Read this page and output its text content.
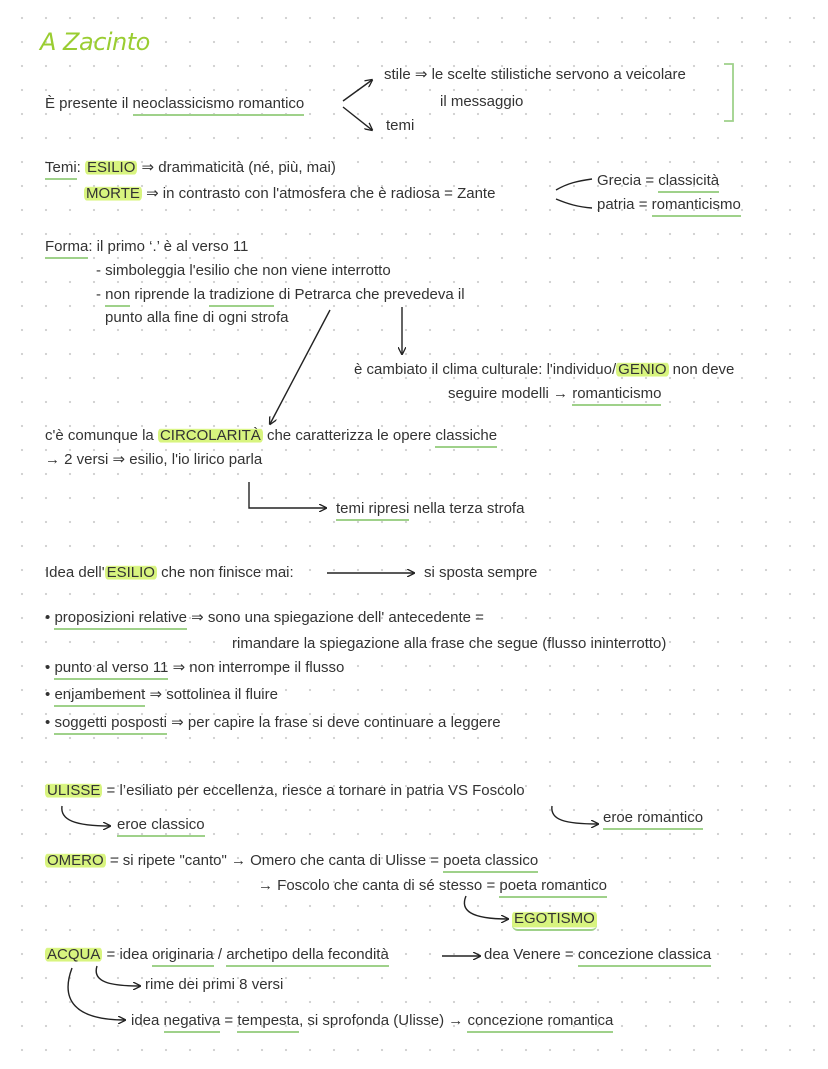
A Zacinto
È presente il neoclassicismo romantico
stile ⇒ le scelte stilistiche servono a veicolare
il messaggio
temi
Temi: ESILIO ⇒ drammaticità (né, più, mai)
MORTE ⇒ in contrasto con l'atmosfera che è radiosa = Zante
Grecia = classicità
patria = romanticismo
Forma: il primo ‘.’ è al verso 11
- simboleggia l'esilio che non viene interrotto
- non riprende la tradizione di Petrarca che prevedeva il
punto alla fine di ogni strofa
è cambiato il clima culturale: l'individuo/ GENIO non deve
seguire modelli → romanticismo
c'è comunque la CIRCOLARITÀ che caratterizza le opere classiche
→ 2 versi ⇒ esilio, l'io lirico parla
temi ripresi nella terza strofa
Idea dell' ESILIO che non finisce mai:	si sposta sempre
• proposizioni relative ⇒ sono una spiegazione dell' antecedente =
rimandare la spiegazione alla frase che segue (flusso ininterrotto)
• punto al verso 11 ⇒ non interrompe il flusso
• enjambement ⇒ sottolinea il fluire
• soggetti posposti ⇒ per capire la frase si deve continuare a leggere
ULISSE = l’esiliato per eccellenza, riesce a tornare in patria VS Foscolo
eroe classico	eroe romantico
OMERO = si ripete "canto" → Omero che canta di Ulisse = poeta classico
→ Foscolo che canta di sé stesso = poeta romantico
EGOTISMO
ACQUA = idea originaria / archetipo della fecondità	dea Venere = concezione classica
rime dei primi 8 versi
idea negativa = tempesta, si sprofonda (Ulisse) → concezione romantica
